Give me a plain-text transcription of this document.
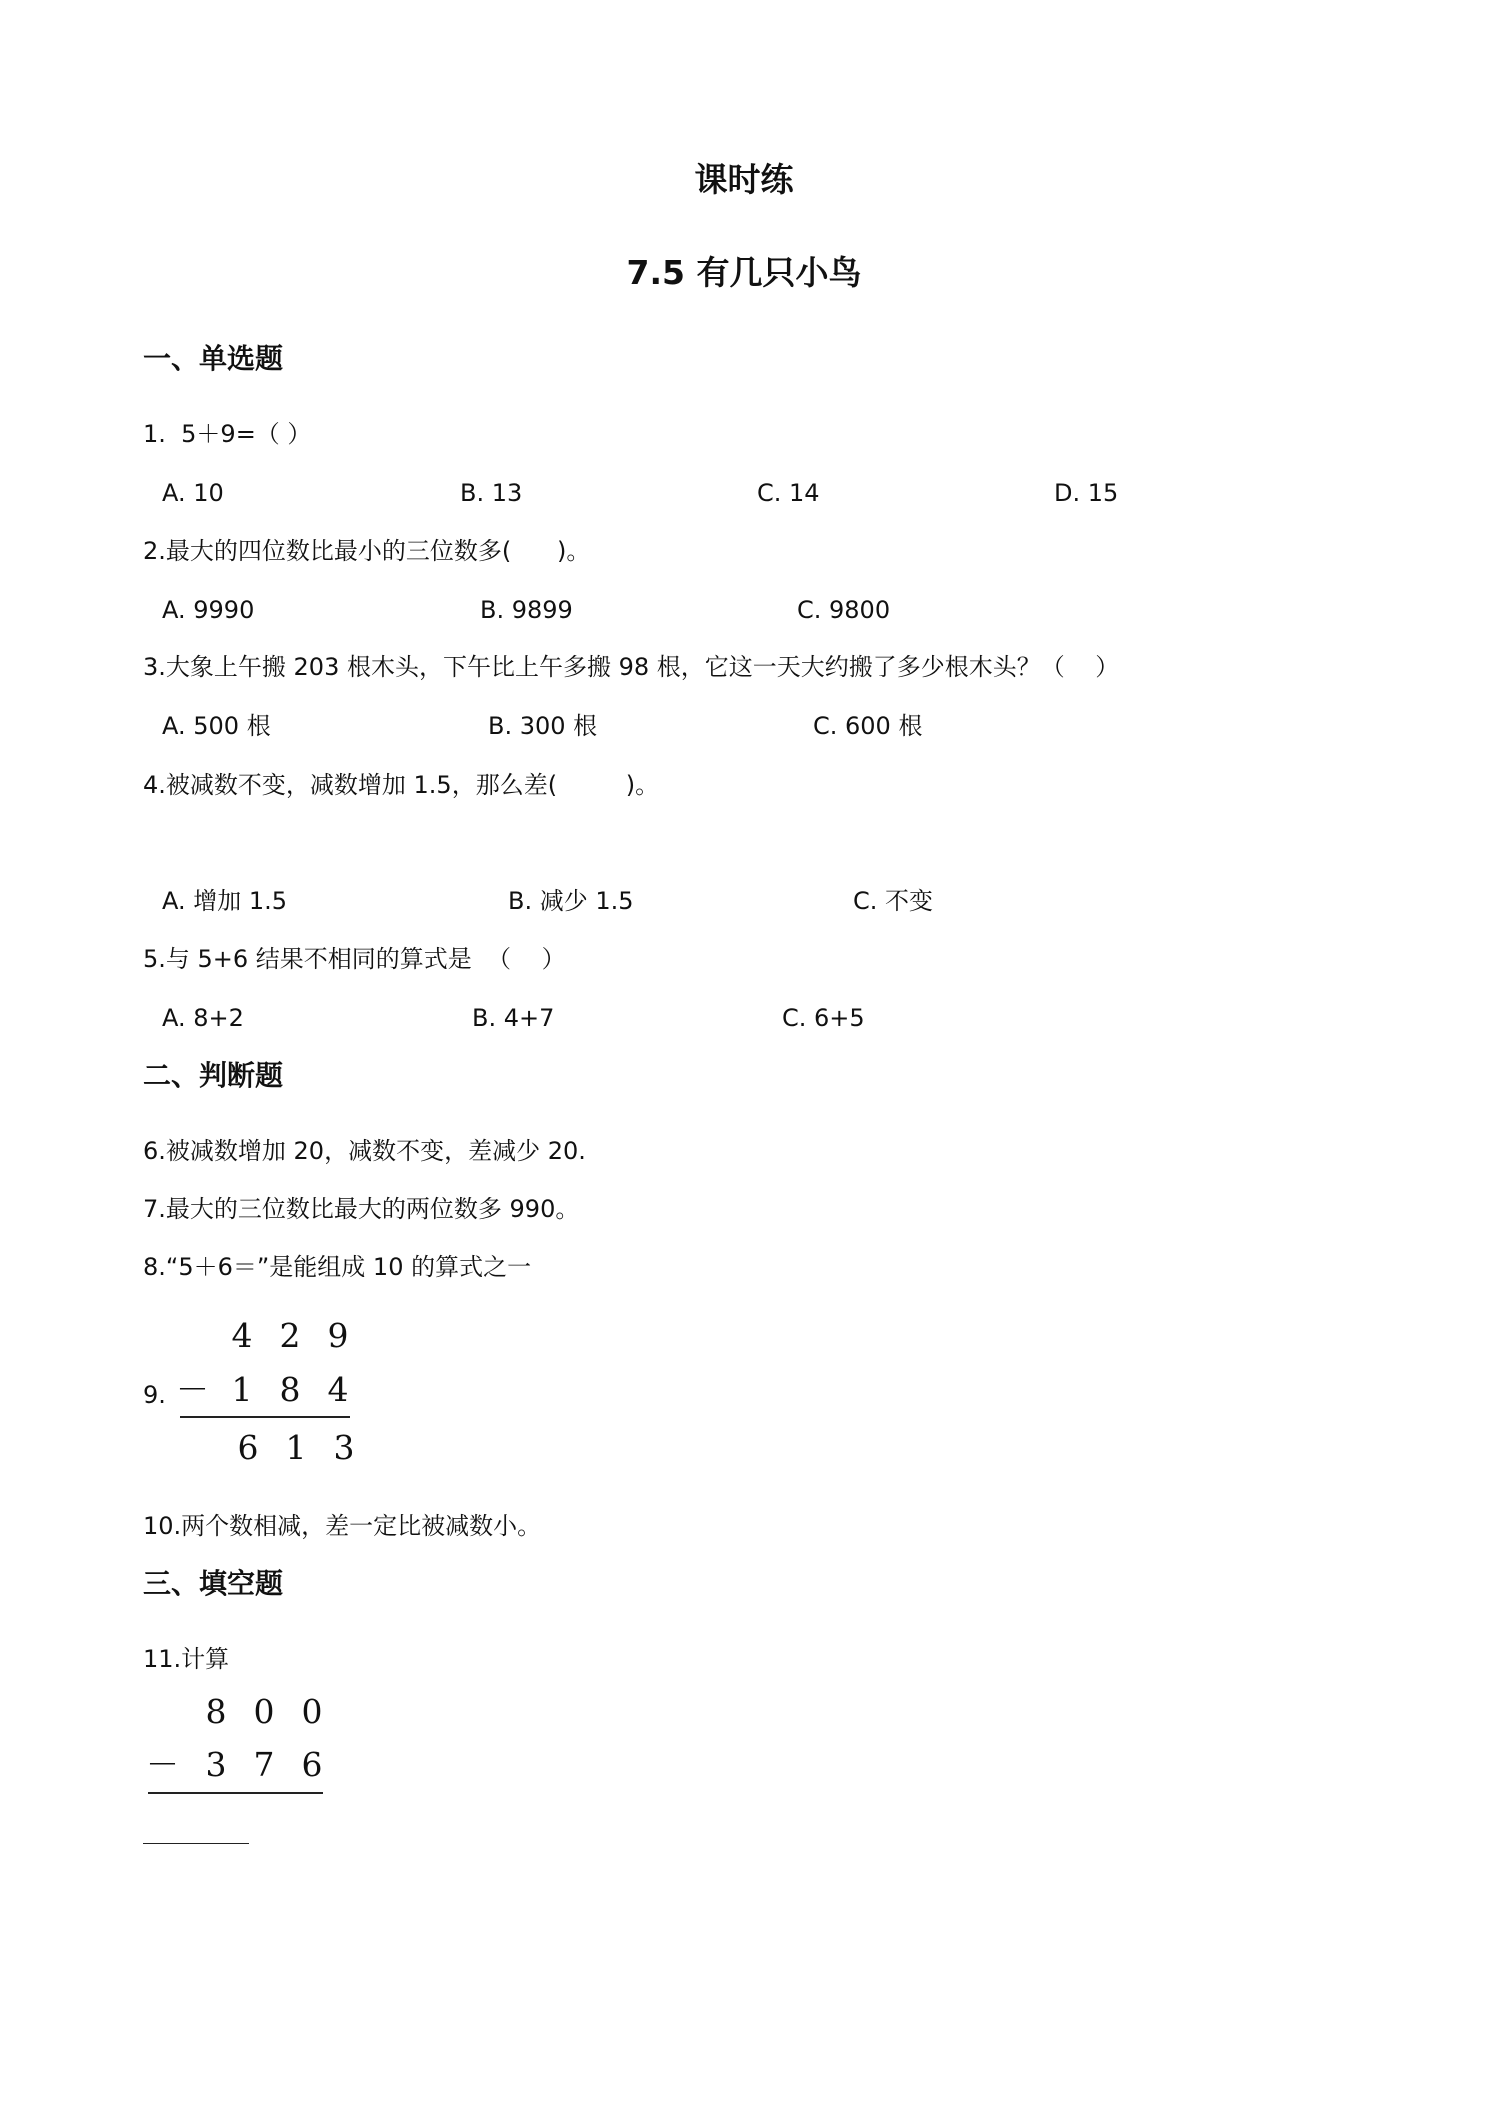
课时练
7.5 有几只小鸟
一、单选题
1.  5＋9=（ ）
A. 10	B. 13	C. 14	D. 15
2.最大的四位数比最小的三位数多(      )。
A. 9990	B. 9899	C. 9800
3.大象上午搬 203 根木头，下午比上午多搬 98 根，它这一天大约搬了多少根木头？（    ）
A. 500 根	B. 300 根	C. 600 根
4.被减数不变，减数增加 1.5，那么差(         )。
A. 增加 1.5	B. 减少 1.5	C. 不变
5.与 5+6 结果不相同的算式是  （    ）
A. 8+2	B. 4+7	C. 6+5
二、判断题
6.被减数增加 20，减数不变，差减少 20.
7.最大的三位数比最大的两位数多 990。
8.“5＋6＝”是能组成 10 的算式之一
9.
4 2 9
－ 1 8 4
6 1 3
10.两个数相减，差一定比被减数小。
三、填空题
11.计算
8 0 0
－ 3 7 6
